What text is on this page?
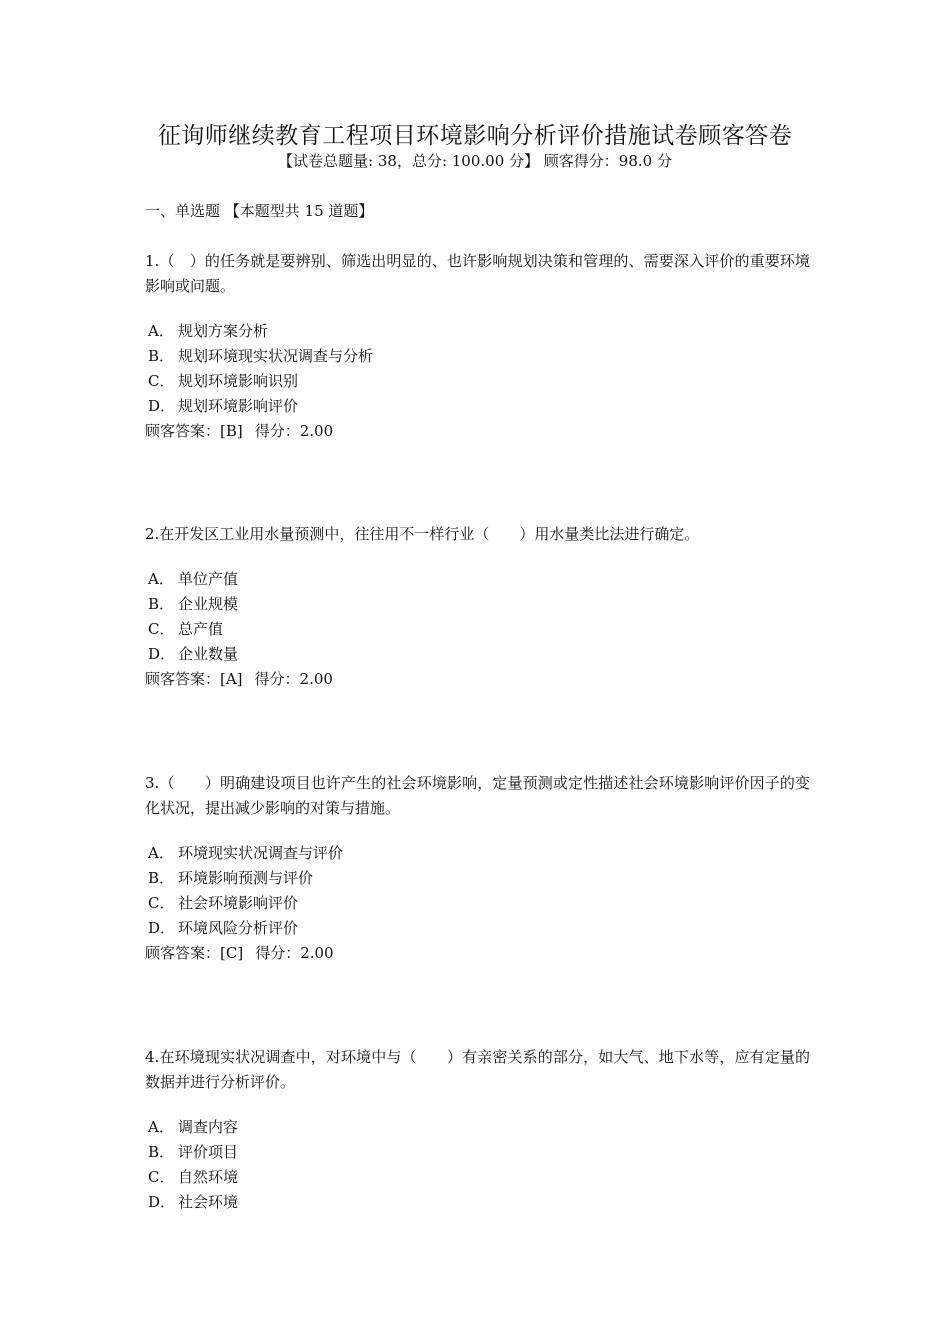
征询师继续教育工程项目环境影响分析评价措施试卷顾客答卷
【试卷总题量: 38，总分: 100.00 分】 顾客得分：98.0 分
一、单选题 【本题型共 15 道题】

1.（　）的任务就是要辨别、筛选出明显的、也许影响规划决策和管理的、需要深入评价的重要环境影响或问题。

A． 规划方案分析
B． 规划环境现实状况调查与分析
C． 规划环境影响识别
D． 规划环境影响评价
顾客答案：[B] 得分：2.00

2.在开发区工业用水量预测中，往往用不一样行业（　　）用水量类比法进行确定。

A． 单位产值
B． 企业规模
C． 总产值
D． 企业数量
顾客答案：[A] 得分：2.00

3.（　　）明确建设项目也许产生的社会环境影响，定量预测或定性描述社会环境影响评价因子的变化状况，提出减少影响的对策与措施。

A． 环境现实状况调查与评价
B． 环境影响预测与评价
C． 社会环境影响评价
D． 环境风险分析评价
顾客答案：[C] 得分：2.00

4.在环境现实状况调查中，对环境中与（　　）有亲密关系的部分，如大气、地下水等，应有定量的数据并进行分析评价。

A． 调查内容
B． 评价项目
C． 自然环境
D． 社会环境
